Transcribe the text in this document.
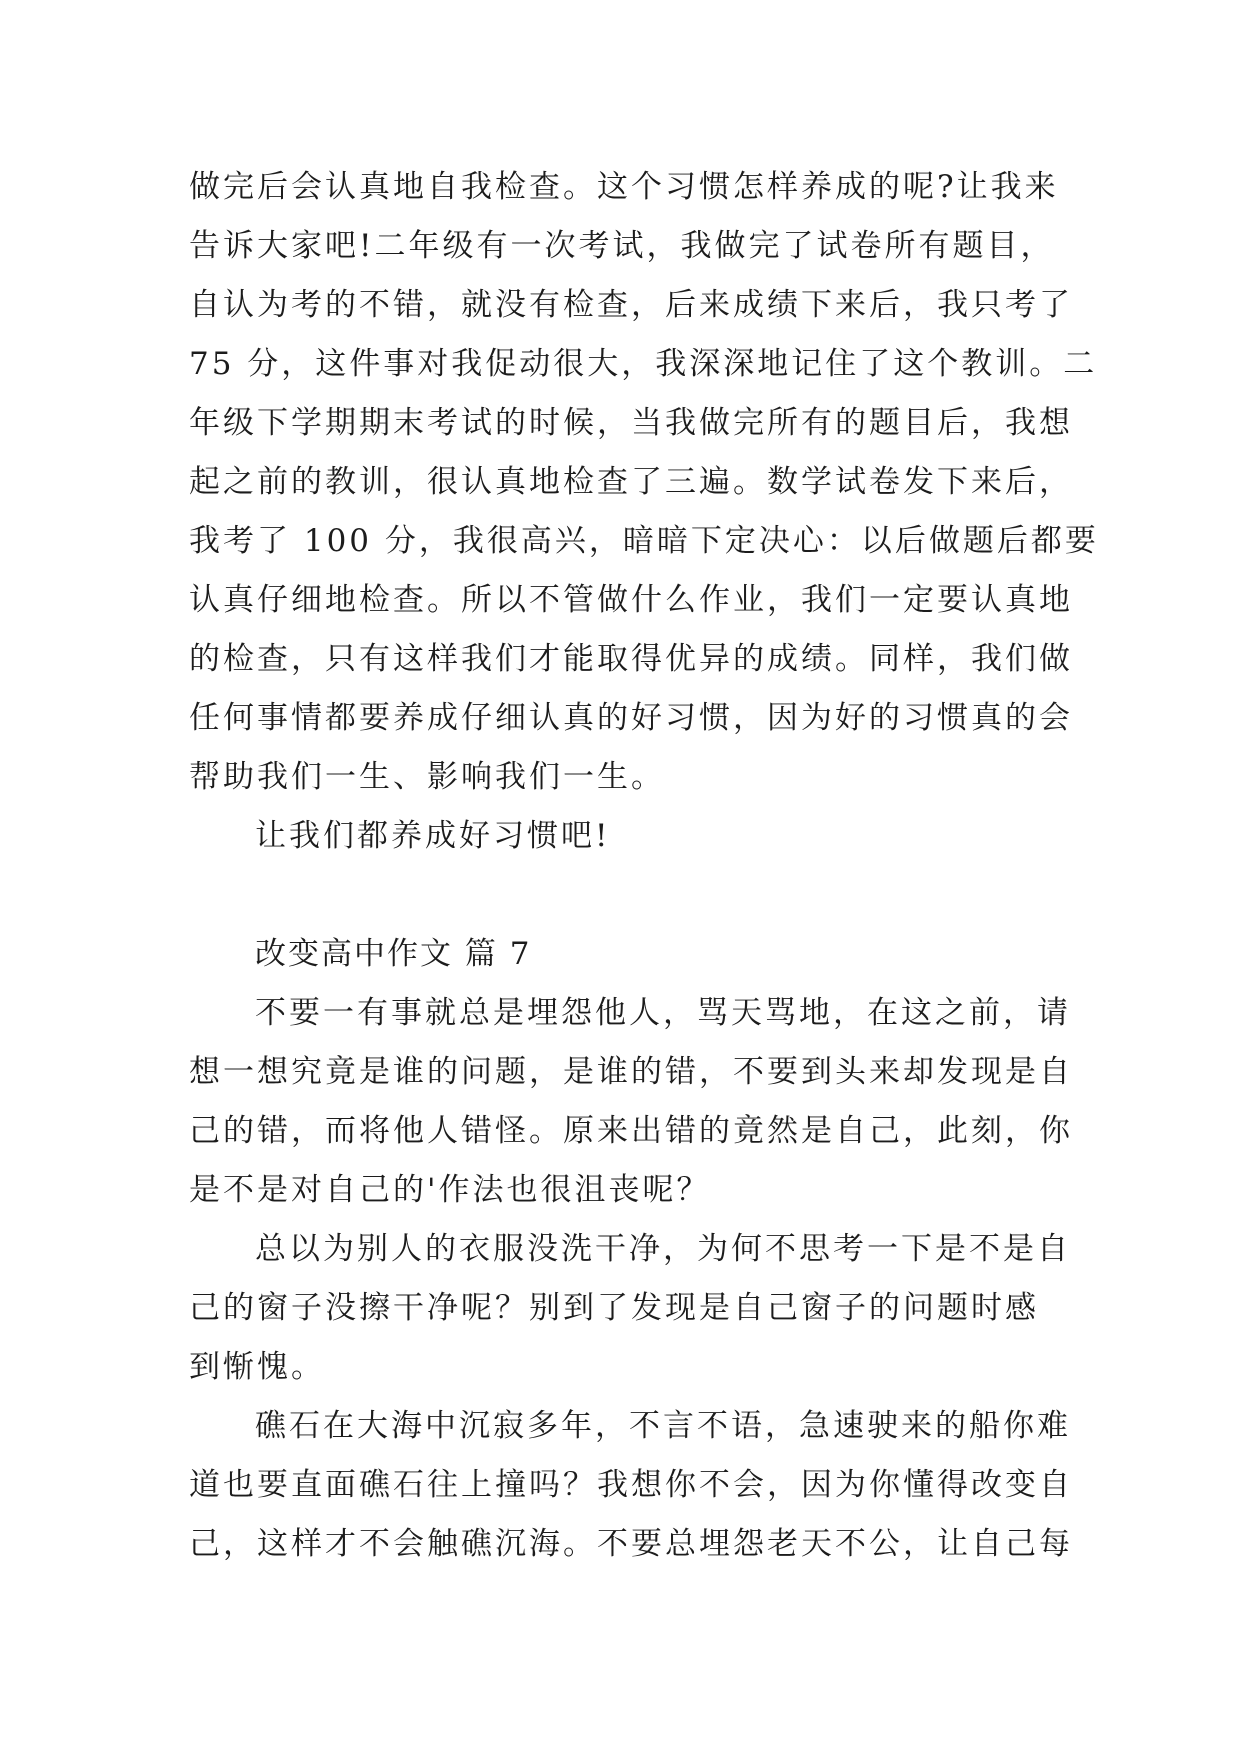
做完后会认真地自我检查。这个习惯怎样养成的呢?让我来
告诉大家吧!二年级有一次考试，我做完了试卷所有题目，
自认为考的不错，就没有检查，后来成绩下来后，我只考了
75 分，这件事对我促动很大，我深深地记住了这个教训。二
年级下学期期末考试的时候，当我做完所有的题目后，我想
起之前的教训，很认真地检查了三遍。数学试卷发下来后，
我考了 100 分，我很高兴，暗暗下定决心：以后做题后都要
认真仔细地检查。所以不管做什么作业，我们一定要认真地
的检查，只有这样我们才能取得优异的成绩。同样，我们做
任何事情都要养成仔细认真的好习惯，因为好的习惯真的会
帮助我们一生、影响我们一生。
让我们都养成好习惯吧!
改变高中作文 篇 7
不要一有事就总是埋怨他人，骂天骂地，在这之前，请
想一想究竟是谁的问题，是谁的错，不要到头来却发现是自
己的错，而将他人错怪。原来出错的竟然是自己，此刻，你
是不是对自己的'作法也很沮丧呢？
总以为别人的衣服没洗干净，为何不思考一下是不是自
己的窗子没擦干净呢？别到了发现是自己窗子的问题时感
到惭愧。
礁石在大海中沉寂多年，不言不语，急速驶来的船你难
道也要直面礁石往上撞吗？我想你不会，因为你懂得改变自
己，这样才不会触礁沉海。不要总埋怨老天不公，让自己每
